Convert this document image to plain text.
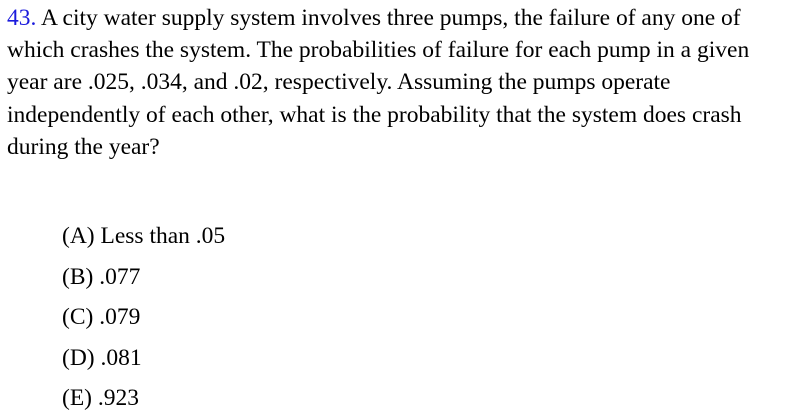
43. A city water supply system involves three pumps, the failure of any one of which crashes the system. The probabilities of failure for each pump in a given year are .025, .034, and .02, respectively. Assuming the pumps operate independently of each other, what is the probability that the system does crash during the year?

(A) Less than .05
(B) .077
(C) .079
(D) .081
(E) .923
